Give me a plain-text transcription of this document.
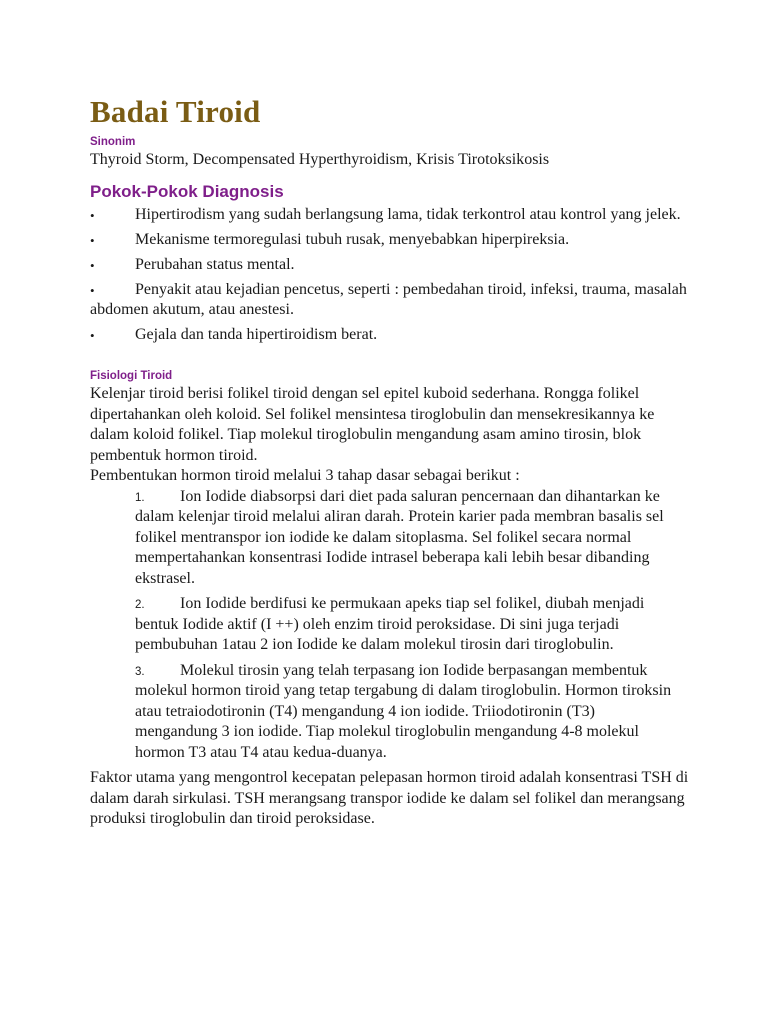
Badai Tiroid

Sinonim

Thyroid Storm, Decompensated Hyperthyroidism, Krisis Tirotoksikosis

Pokok-Pokok Diagnosis
•	Hipertirodism yang sudah berlangsung lama, tidak terkontrol atau kontrol yang jelek.
•	Mekanisme termoregulasi tubuh rusak, menyebabkan hiperpireksia.
•	Perubahan status mental.
•	Penyakit atau kejadian pencetus, seperti : pembedahan tiroid, infeksi, trauma, masalah abdomen akutum, atau anestesi.
•	Gejala dan tanda hipertiroidism berat.

Fisiologi Tiroid

Kelenjar tiroid berisi folikel tiroid dengan sel epitel kuboid sederhana. Rongga folikel dipertahankan oleh koloid. Sel folikel mensintesa tiroglobulin dan mensekresikannya ke dalam koloid folikel. Tiap molekul tiroglobulin mengandung asam amino tirosin, blok pembentuk hormon tiroid.

Pembentukan hormon tiroid melalui 3 tahap dasar sebagai berikut :

1. Ion Iodide diabsorpsi dari diet pada saluran pencernaan dan dihantarkan ke dalam kelenjar tiroid melalui aliran darah. Protein karier pada membran basalis sel folikel mentranspor ion iodide ke dalam sitoplasma. Sel folikel secara normal mempertahankan konsentrasi Iodide intrasel beberapa kali lebih besar dibanding ekstrasel.
2. Ion Iodide berdifusi ke permukaan apeks tiap sel folikel, diubah menjadi bentuk Iodide aktif (I ++) oleh enzim tiroid peroksidase. Di sini juga terjadi pembubuhan 1atau 2 ion Iodide ke dalam molekul tirosin dari tiroglobulin.
3. Molekul tirosin yang telah terpasang ion Iodide berpasangan membentuk molekul hormon tiroid yang tetap tergabung di dalam tiroglobulin. Hormon tiroksin atau tetraiodotironin (T4) mengandung 4 ion iodide. Triiodotironin (T3) mengandung 3 ion iodide. Tiap molekul tiroglobulin mengandung 4-8 molekul hormon T3 atau T4 atau kedua-duanya.

Faktor utama yang mengontrol kecepatan pelepasan hormon tiroid adalah konsentrasi TSH di dalam darah sirkulasi. TSH merangsang transpor iodide ke dalam sel folikel dan merangsang produksi tiroglobulin dan tiroid peroksidase.
